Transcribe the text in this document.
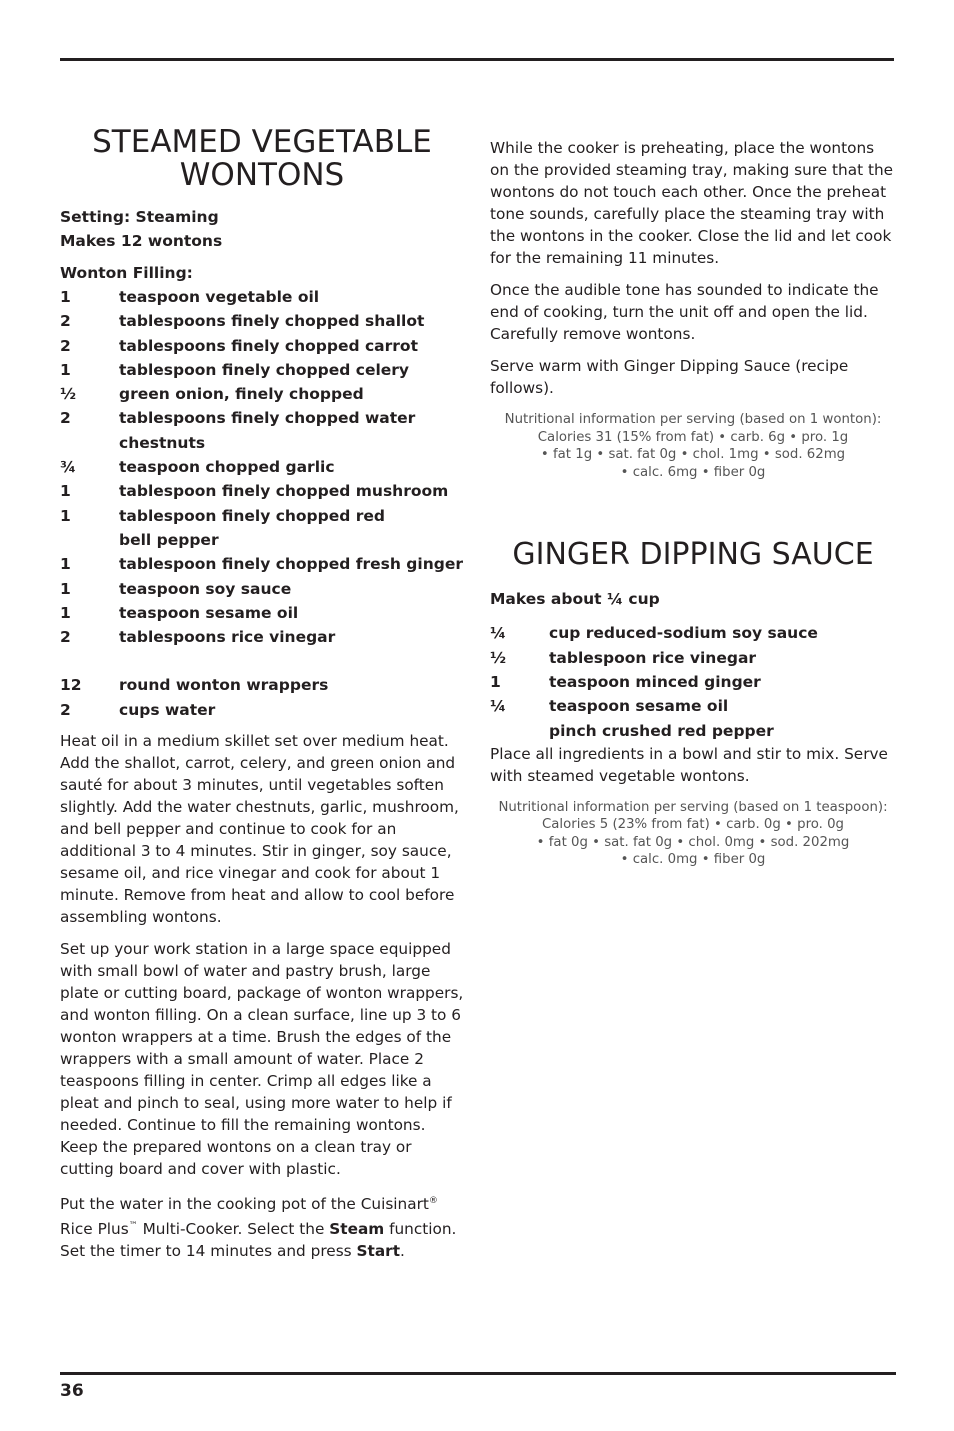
STEAMED VEGETABLE
WONTONS
Setting: Steaming
Makes 12 wontons
Wonton Filling:
1	teaspoon vegetable oil
2	tablespoons finely chopped shallot
2	tablespoons finely chopped carrot
1	tablespoon finely chopped celery
½	green onion, finely chopped
2	tablespoons finely chopped water chestnuts
¾	teaspoon chopped garlic
1	tablespoon finely chopped mushroom
1	tablespoon finely chopped red bell pepper
1	tablespoon finely chopped fresh ginger
1	teaspoon soy sauce
1	teaspoon sesame oil
2	tablespoons rice vinegar
12	round wonton wrappers
2	cups water

Heat oil in a medium skillet set over medium heat. Add the shallot, carrot, celery, and green onion and sauté for about 3 minutes, until vegetables soften slightly. Add the water chestnuts, garlic, mushroom, and bell pepper and continue to cook for an additional 3 to 4 minutes. Stir in ginger, soy sauce, sesame oil, and rice vinegar and cook for about 1 minute. Remove from heat and allow to cool before assembling wontons.

Set up your work station in a large space equipped with small bowl of water and pastry brush, large plate or cutting board, package of wonton wrappers, and wonton filling. On a clean surface, line up 3 to 6 wonton wrappers at a time. Brush the edges of the wrappers with a small amount of water. Place 2 teaspoons filling in center. Crimp all edges like a pleat and pinch to seal, using more water to help if needed. Continue to fill the remaining wontons. Keep the prepared wontons on a clean tray or cutting board and cover with plastic.

Put the water in the cooking pot of the Cuisinart® Rice Plus™ Multi-Cooker. Select the Steam function. Set the timer to 14 minutes and press Start.

While the cooker is preheating, place the wontons on the provided steaming tray, making sure that the wontons do not touch each other. Once the preheat tone sounds, carefully place the steaming tray with the wontons in the cooker. Close the lid and let cook for the remaining 11 minutes.

Once the audible tone has sounded to indicate the end of cooking, turn the unit off and open the lid. Carefully remove wontons.

Serve warm with Ginger Dipping Sauce (recipe follows).

Nutritional information per serving (based on 1 wonton):
Calories 31 (15% from fat) • carb. 6g • pro. 1g
• fat 1g • sat. fat 0g • chol. 1mg • sod. 62mg
• calc. 6mg • fiber 0g
GINGER DIPPING SAUCE
Makes about ¼ cup
¼	cup reduced-sodium soy sauce
½	tablespoon rice vinegar
1	teaspoon minced ginger
¼	teaspoon sesame oil
pinch crushed red pepper

Place all ingredients in a bowl and stir to mix. Serve with steamed vegetable wontons.

Nutritional information per serving (based on 1 teaspoon):
Calories 5 (23% from fat) • carb. 0g • pro. 0g
• fat 0g • sat. fat 0g • chol. 0mg • sod. 202mg
• calc. 0mg • fiber 0g
36
